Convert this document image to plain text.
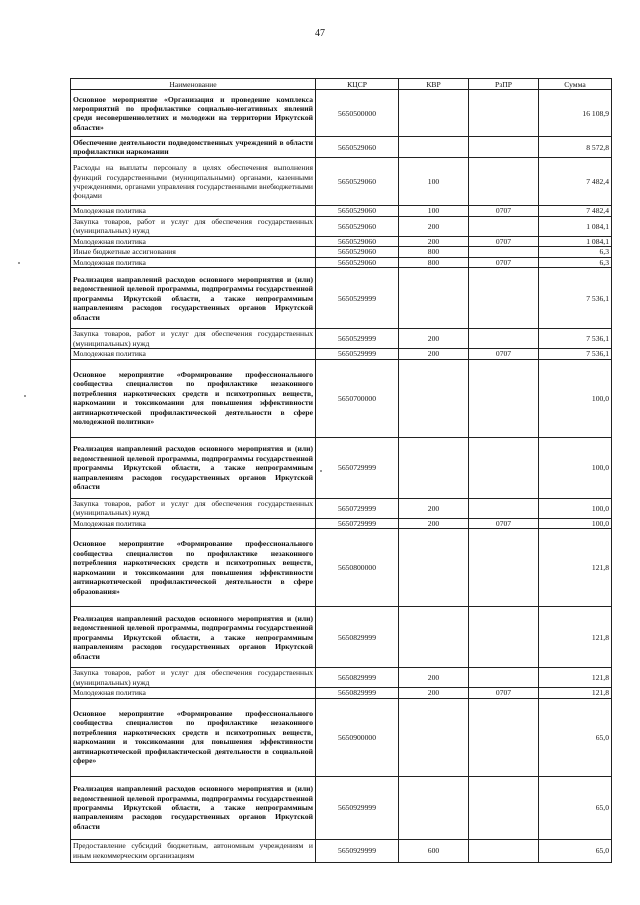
47
Наименование	КЦСР	КВР	РзПР	Сумма
Основное мероприятие «Организация и проведение комплекса мероприятий по профилактике социально-негативных явлений среди несовершеннолетних и молодежи на территории Иркутской области»	5650500000			16 108,9
Обеспечение деятельности подведомственных учреждений в области профилактики наркомании	5650529060			8 572,8
Расходы на выплаты персоналу в целях обеспечения выполнения функций государственными (муниципальными) органами, казенными учреждениями, органами управления государственными внебюджетными фондами	5650529060	100		7 482,4
Молодежная политика	5650529060	100	0707	7 482,4
Закупка товаров, работ и услуг для обеспечения государственных (муниципальных) нужд	5650529060	200		1 084,1
Молодежная политика	5650529060	200	0707	1 084,1
Иные бюджетные ассигнования	5650529060	800		6,3
Молодежная политика	5650529060	800	0707	6,3
Реализация направлений расходов основного мероприятия и (или) ведомственной целевой программы, подпрограммы государственной программы Иркутской области, а также непрограммным направлениям расходов государственных органов Иркутской области	5650529999			7 536,1
Закупка товаров, работ и услуг для обеспечения государственных (муниципальных) нужд	5650529999	200		7 536,1
Молодежная политика	5650529999	200	0707	7 536,1
Основное мероприятие «Формирование профессионального сообщества специалистов по профилактике незаконного потребления наркотических средств и психотропных веществ, наркомании и токсикомании для повышения эффективности антинаркотической профилактической деятельности в сфере молодежной политики»	5650700000			100,0
Реализация направлений расходов основного мероприятия и (или) ведомственной целевой программы, подпрограммы государственной программы Иркутской области, а также непрограммным направлениям расходов государственных органов Иркутской области	5650729999			100,0
Закупка товаров, работ и услуг для обеспечения государственных (муниципальных) нужд	5650729999	200		100,0
Молодежная политика	5650729999	200	0707	100,0
Основное мероприятие «Формирование профессионального сообщества специалистов по профилактике незаконного потребления наркотических средств и психотропных веществ, наркомании и токсикомании для повышения эффективности антинаркотической профилактической деятельности в сфере образования»	5650800000			121,8
Реализация направлений расходов основного мероприятия и (или) ведомственной целевой программы, подпрограммы государственной программы Иркутской области, а также непрограммным направлениям расходов государственных органов Иркутской области	5650829999			121,8
Закупка товаров, работ и услуг для обеспечения государственных (муниципальных) нужд	5650829999	200		121,8
Молодежная политика	5650829999	200	0707	121,8
Основное мероприятие «Формирование профессионального сообщества специалистов по профилактике незаконного потребления наркотических средств и психотропных веществ, наркомании и токсикомании для повышения эффективности антинаркотической профилактической деятельности в социальной сфере»	5650900000			65,0
Реализация направлений расходов основного мероприятия и (или) ведомственной целевой программы, подпрограммы государственной программы Иркутской области, а также непрограммным направлениям расходов государственных органов Иркутской области	5650929999			65,0
Предоставление субсидий бюджетным, автономным учреждениям и иным некоммерческим организациям	5650929999	600		65,0
